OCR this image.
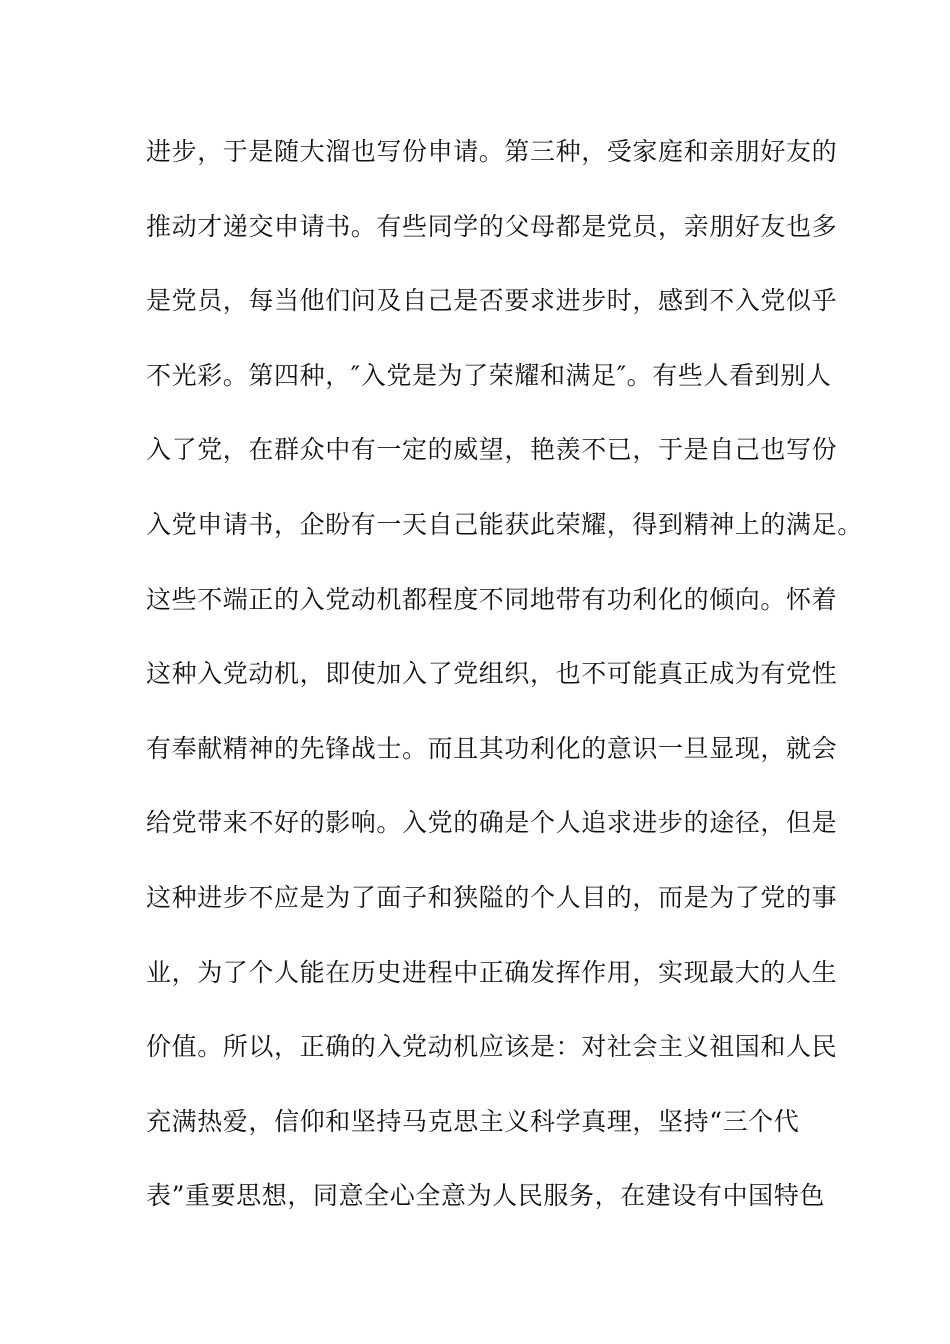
进步，于是随大溜也写份申请。第三种，受家庭和亲朋好友的
推动才递交申请书。有些同学的父母都是党员，亲朋好友也多
是党员，每当他们问及自己是否要求进步时，感到不入党似乎
不光彩。第四种，″入党是为了荣耀和满足″。有些人看到别人
入了党，在群众中有一定的威望，艳羡不已，于是自己也写份
入党申请书，企盼有一天自己能获此荣耀，得到精神上的满足。
这些不端正的入党动机都程度不同地带有功利化的倾向。怀着
这种入党动机，即使加入了党组织，也不可能真正成为有党性
有奉献精神的先锋战士。而且其功利化的意识一旦显现，就会
给党带来不好的影响。入党的确是个人追求进步的途径，但是
这种进步不应是为了面子和狭隘的个人目的，而是为了党的事
业，为了个人能在历史进程中正确发挥作用，实现最大的人生
价值。所以，正确的入党动机应该是：对社会主义祖国和人民
充满热爱，信仰和坚持马克思主义科学真理，坚持“三个代
表”重要思想，同意全心全意为人民服务，在建设有中国特色
